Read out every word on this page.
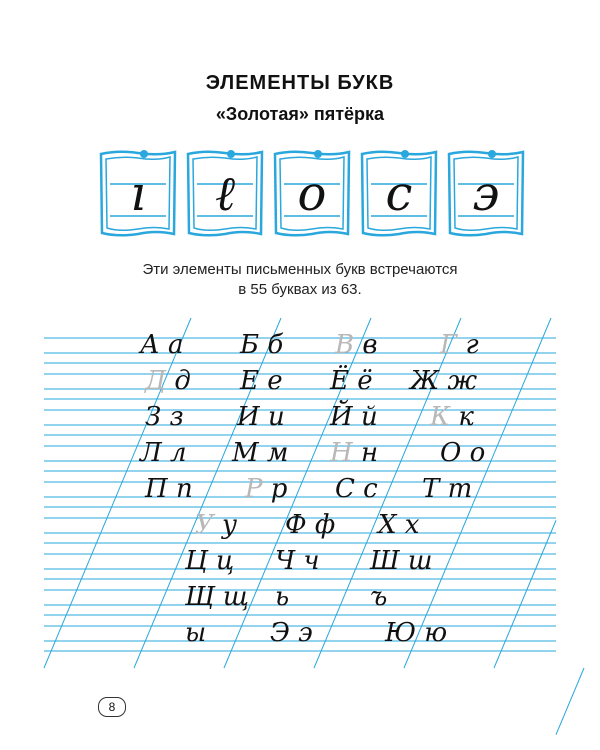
ЭЛЕМЕНТЫ БУКВ
«Золотая» пятёрка
ı	ℓ	o	c	э
Эти элементы письменных букв встречаются
в 55 буквах из 63.
А а Б б В в Г г
Д д Е е Ё ё Ж ж
З з И и Й й К к
Л л М м Н н О о
П п Р р С с Т т
У у Ф ф Х х
Ц ц Ч ч Ш ш
Щ щ ь	ъ
ы Э э	Ю ю
8
